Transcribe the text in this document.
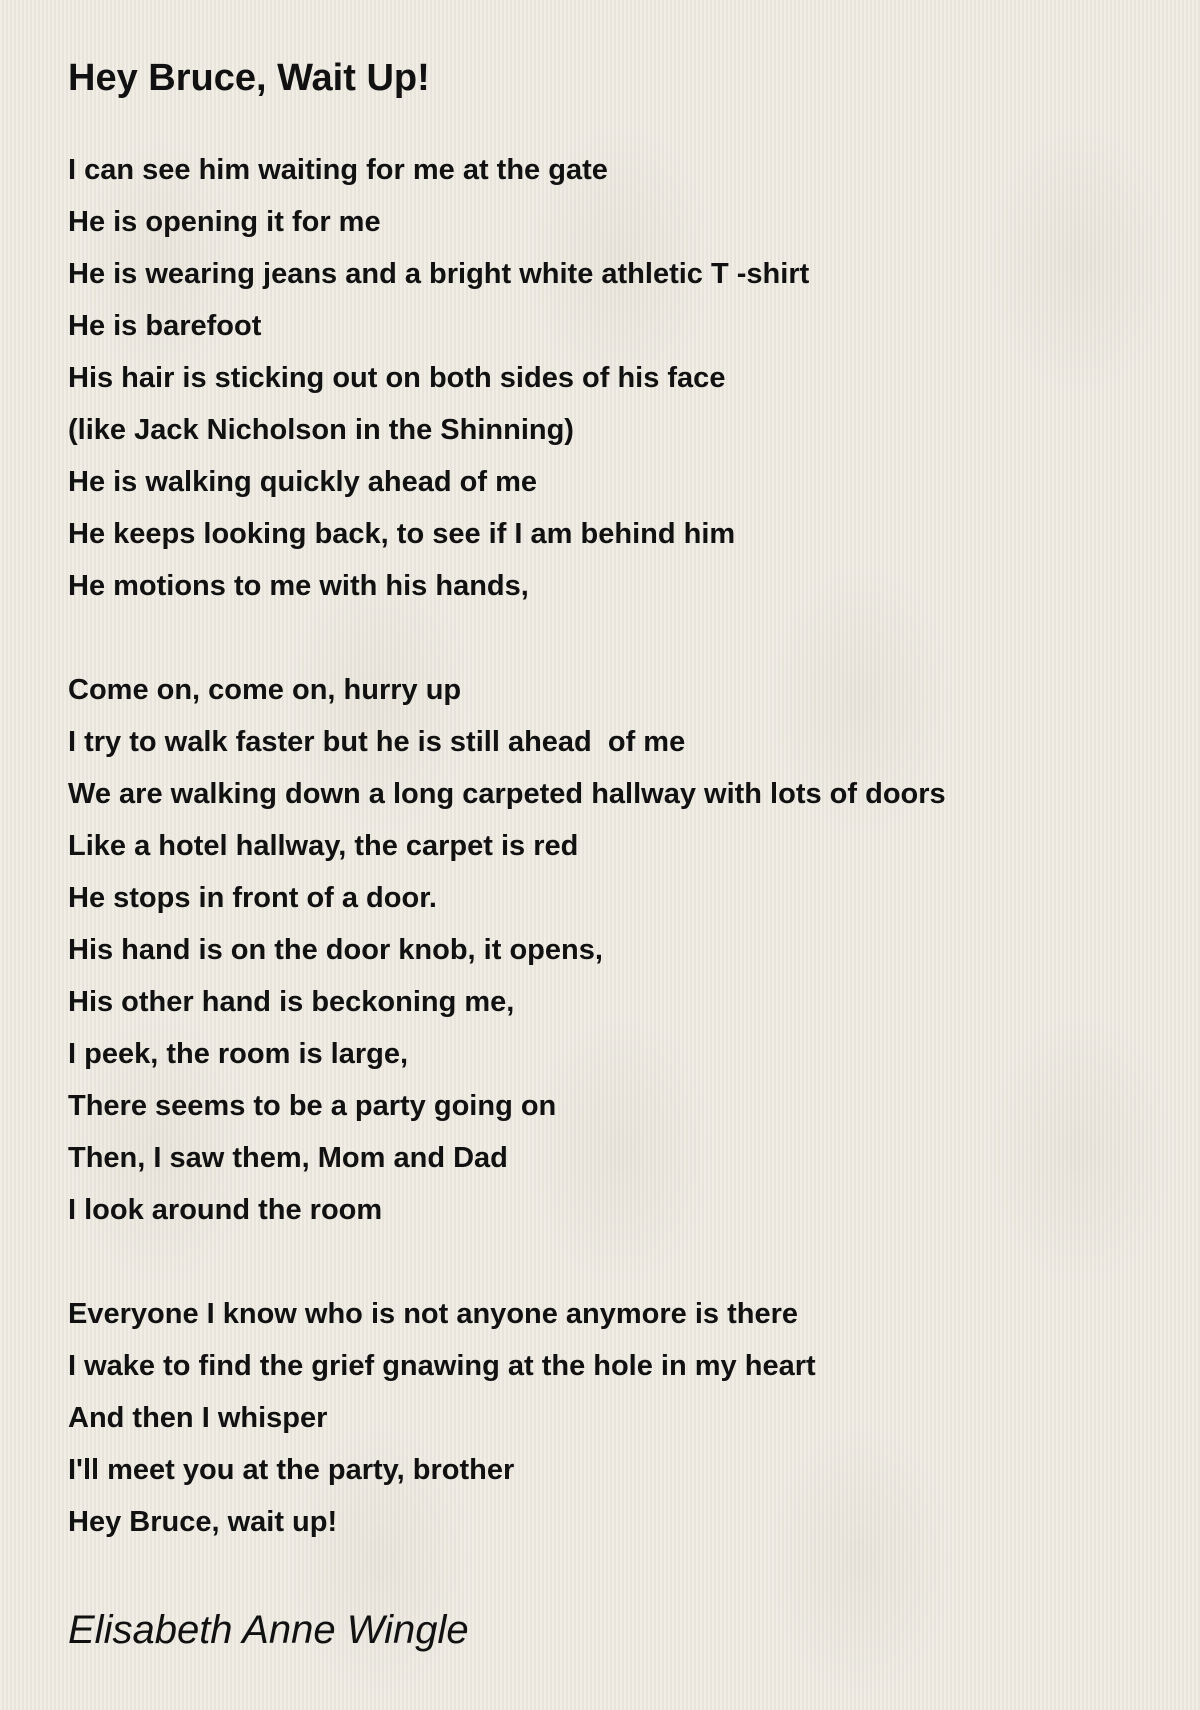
Hey Bruce, Wait Up!
I can see him waiting for me at the gate
He is opening it for me
He is wearing jeans and a bright white athletic T -shirt
He is barefoot
His hair is sticking out on both sides of his face
(like Jack Nicholson in the Shinning)
He is walking quickly ahead of me
He keeps looking back, to see if I am behind him
He motions to me with his hands,
Come on, come on, hurry up
I try to walk faster but he is still ahead  of me
We are walking down a long carpeted hallway with lots of doors
Like a hotel hallway, the carpet is red
He stops in front of a door.
His hand is on the door knob, it opens,
His other hand is beckoning me,
I peek, the room is large,
There seems to be a party going on
Then, I saw them, Mom and Dad
I look around the room
Everyone I know who is not anyone anymore is there
I wake to find the grief gnawing at the hole in my heart
And then I whisper
I'll meet you at the party, brother
Hey Bruce, wait up!
Elisabeth Anne Wingle
